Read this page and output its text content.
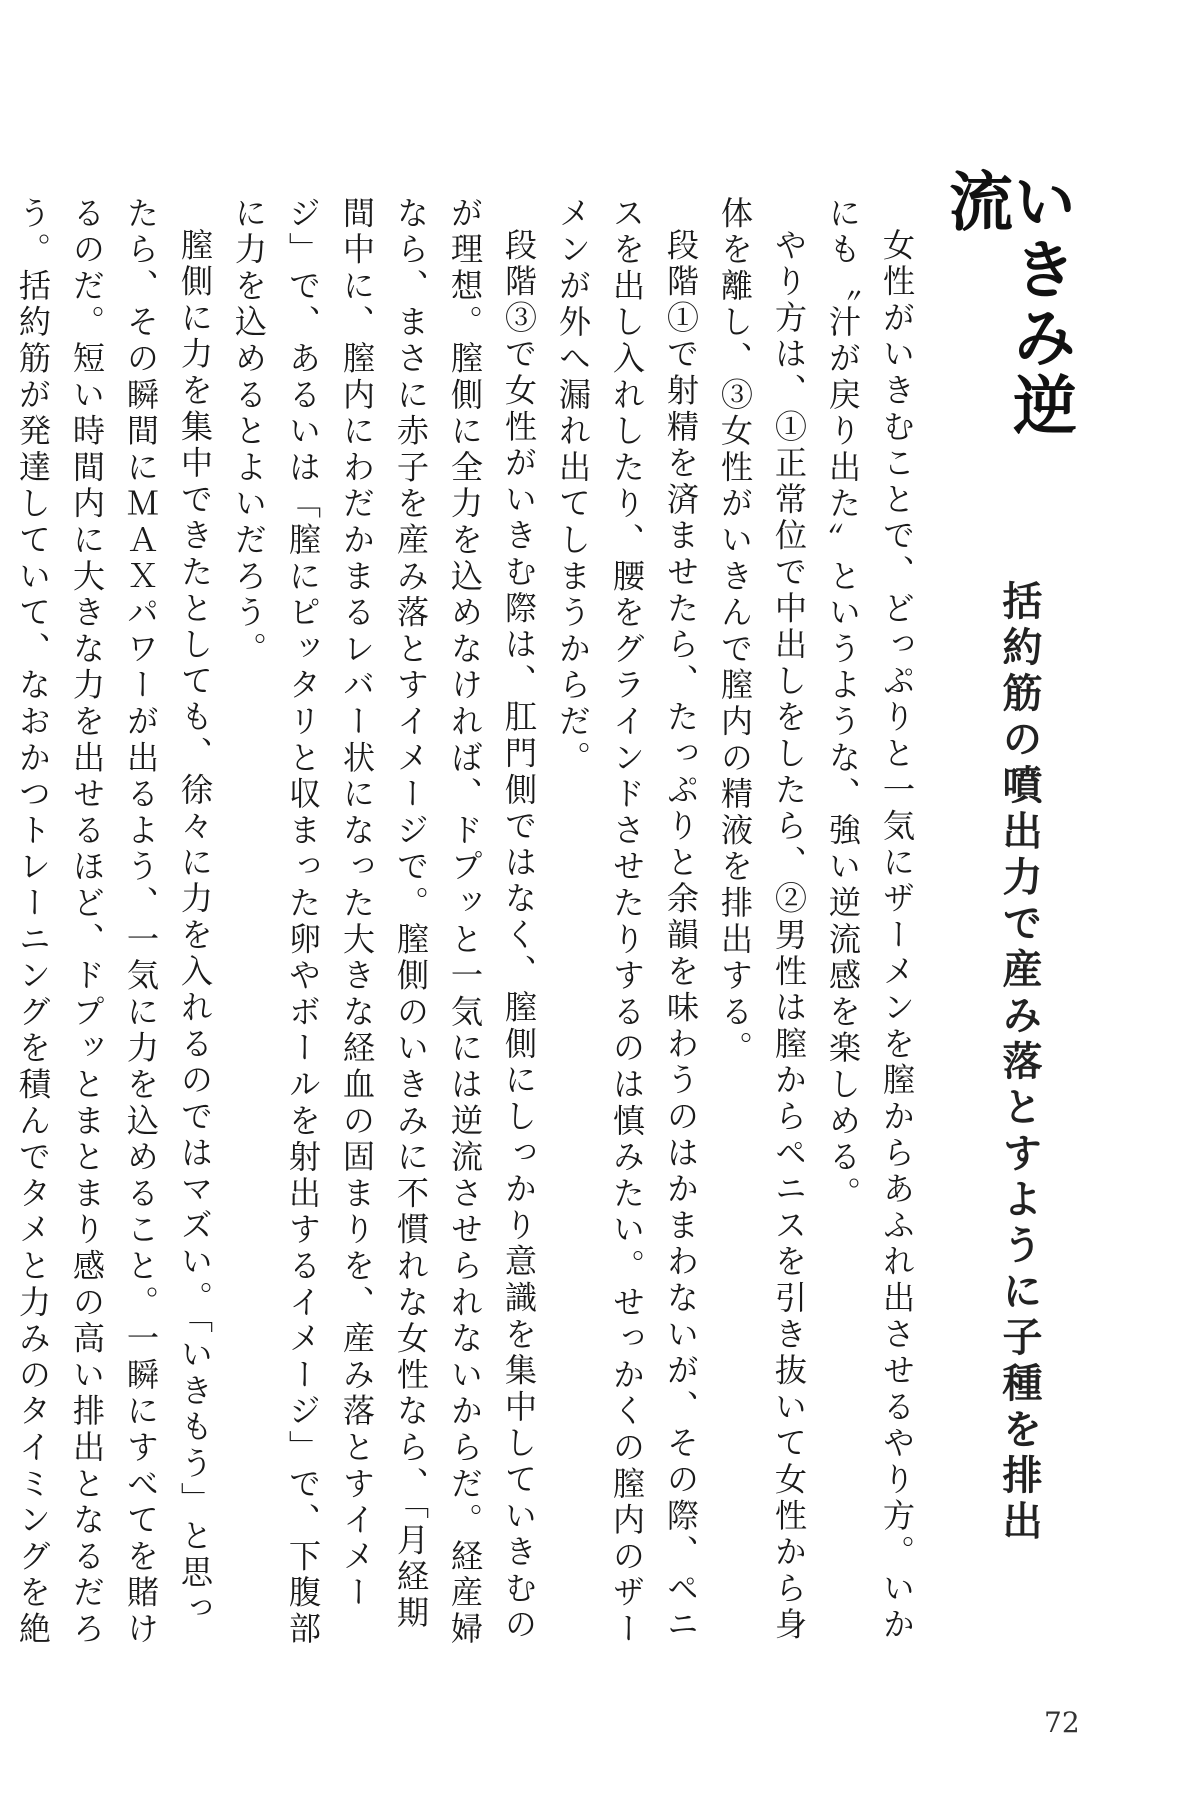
いきみ逆流
括約筋の噴出力で産み落とすように子種を排出

女性がいきむことで、どっぷりと一気にザーメンを膣からあふれ出させるやり方。いかにも〝汁が戻り出た〟というような、強い逆流感を楽しめる。

やり方は、①正常位で中出しをしたら、②男性は膣からペニスを引き抜いて女性から身体を離し、③女性がいきんで膣内の精液を排出する。

段階①で射精を済ませたら、たっぷりと余韻を味わうのはかまわないが、その際、ペニスを出し入れしたり、腰をグラインドさせたりするのは慎みたい。せっかくの膣内のザーメンが外へ漏れ出てしまうからだ。

段階③で女性がいきむ際は、肛門側ではなく、膣側にしっかり意識を集中していきむのが理想。膣側に全力を込めなければ、ドプッと一気には逆流させられないからだ。経産婦なら、まさに赤子を産み落とすイメージで。膣側のいきみに不慣れな女性なら、「月経期間中に、膣内にわだかまるレバー状になった大きな経血の固まりを、産み落とすイメージ」で、あるいは「膣にピッタリと収まった卵やボールを射出するイメージ」で、下腹部に力を込めるとよいだろう。

膣側に力を集中できたとしても、徐々に力を入れるのではマズい。「いきもう」と思ったら、その瞬間にＭＡＸパワーが出るよう、一気に力を込めること。一瞬にすべてを賭けるのだ。短い時間内に大きな力を出せるほど、ドプッとまとまり感の高い排出となるだろう。括約筋が発達していて、なおかつトレーニングを積んでタメと力みのタイミングを絶

72
